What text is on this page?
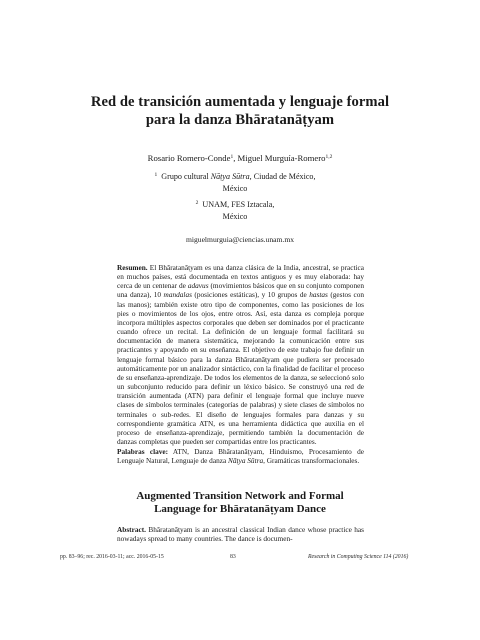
Red de transición aumentada y lenguaje formal
para la danza Bhāratanāṭyam
Rosario Romero-Conde$^1$, Miguel Murguía-Romero$^{1,2}$
$^1$ Grupo cultural Nāṭya Sūtra, Ciudad de México,
México
$^2$ UNAM, FES Iztacala,
México
miguelmurguia@ciencias.unam.mx
Resumen. El Bhāratanāṭyam es una danza clásica de la India, ancestral, se practica en muchos países, está documentada en textos antiguos y es muy elaborada: hay cerca de un centenar de adavus (movimientos básicos que en su conjunto componen una danza), 10 mandalas (posiciones estáticas), y 10 grupos de hastas (gestos con las manos); también existe otro tipo de componentes, como las posiciones de los pies o movimientos de los ojos, entre otros. Así, esta danza es compleja porque incorpora múltiples aspectos corporales que deben ser dominados por el practicante cuando ofrece un recital. La definición de un lenguaje formal facilitará su documentación de manera sistemática, mejorando la comunicación entre sus practicantes y apoyando en su enseñanza. El objetivo de este trabajo fue definir un lenguaje formal básico para la danza Bhāratanāṭyam que pudiera ser procesado automáticamente por un analizador sintáctico, con la finalidad de facilitar el proceso de su enseñanza-aprendizaje. De todos los elementos de la danza, se seleccionó solo un subconjunto reducido para definir un léxico básico. Se construyó una red de transición aumentada (ATN) para definir el lenguaje formal que incluye nueve clases de símbolos terminales (categorías de palabras) y siete clases de símbolos no terminales o sub-redes. El diseño de lenguajes formales para danzas y su correspondiente gramática ATN, es una herramienta didáctica que auxilia en el proceso de enseñanza-aprendizaje, permitiendo también la documentación de danzas completas que pueden ser compartidas entre los practicantes.
Palabras clave: ATN, Danza Bhāratanāṭyam, Hinduismo, Procesamiento de Lenguaje Natural, Lenguaje de danza Nāṭya Sūtra, Gramáticas transformacionales.
Augmented Transition Network and Formal
Language for Bhāratanāṭyam Dance
Abstract. Bhāratanāṭyam is an ancestral classical Indian dance whose practice has nowadays spread to many countries. The dance is documen-
pp. 83–96; rec. 2016-03-11; acc. 2016-05-15	83	Research in Computing Science 114 (2016)
